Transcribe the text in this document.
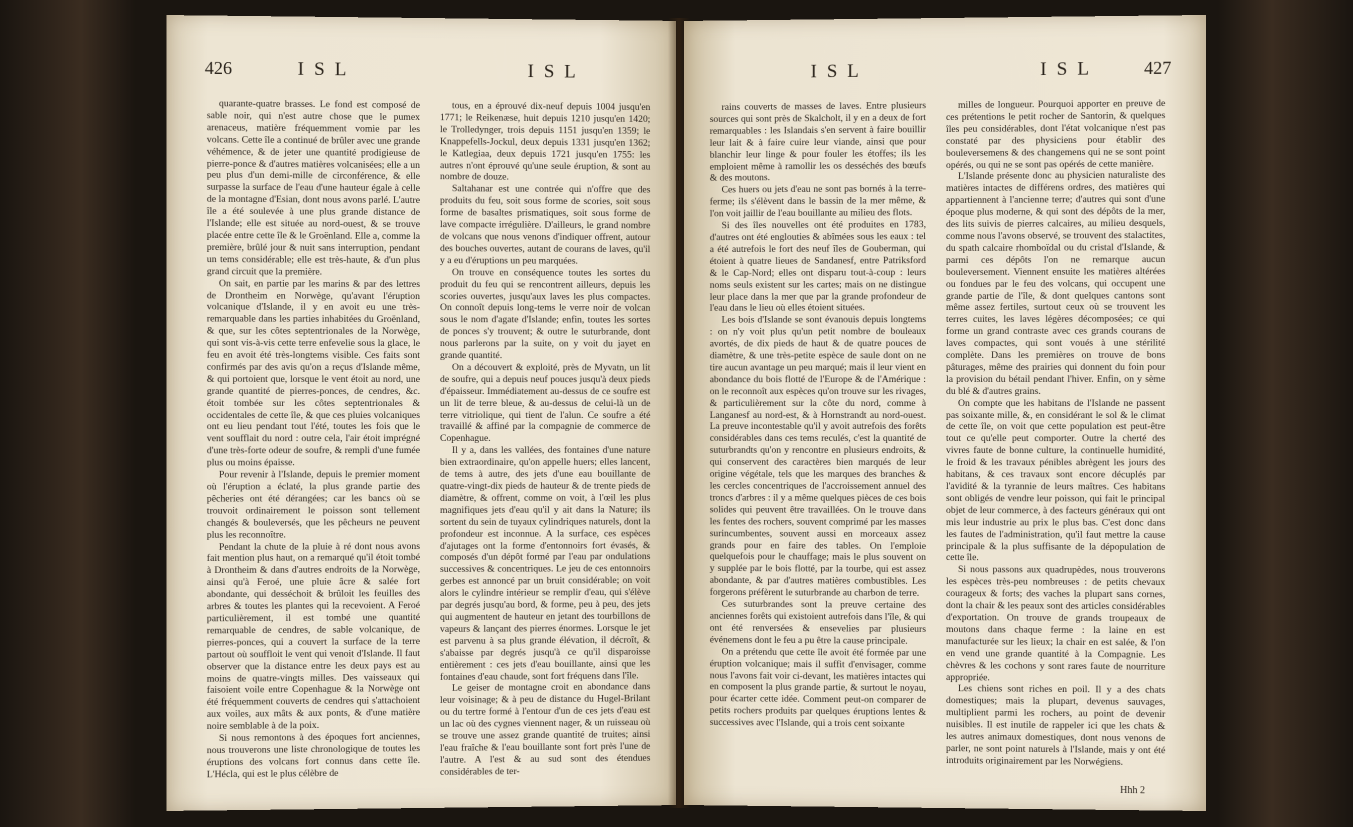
426	ISL	ISL

quarante-quatre brasses. Le fond est composé de sable noir, qui n'est autre chose que le pumex arenaceus, matière fréquemment vomie par les volcans. Cette île a continué de brûler avec une grande véhémence, & de jeter une quantité prodigieuse de pierre-ponce & d'autres matières volcanisées; elle a un peu plus d'un demi-mille de circonférence, & elle surpasse la surface de l'eau d'une hauteur égale à celle de la montagne d'Esian, dont nous avons parlé. L'autre île a été soulevée à une plus grande distance de l'Islande; elle est située au nord-ouest, & se trouve placée entre cette île & le Groënland. Elle a, comme la première, brûlé jour & nuit sans interruption, pendant un tems considérable; elle est très-haute, & d'un plus grand circuit que la première.

On sait, en partie par les marins & par des lettres de Drontheim en Norwège, qu'avant l'éruption volcanique d'Islande, il y en avoit eu une très-remarquable dans les parties inhabitées du Groënland, & que, sur les côtes septentrionales de la Norwège, qui sont vis-à-vis cette terre enfevelie sous la glace, le feu en avoit été très-longtems visible. Ces faits sont confirmés par des avis qu'on a reçus d'Islande même, & qui portoient que, lorsque le vent étoit au nord, une grande quantité de pierres-ponces, de cendres, &c. étoit tombée sur les côtes septentrionales & occidentales de cette île, & que ces pluies volcaniques ont eu lieu pendant tout l'été, toutes les fois que le vent soufflait du nord : outre cela, l'air étoit imprégné d'une très-forte odeur de soufre, & rempli d'une fumée plus ou moins épaisse.

Pour revenir à l'Islande, depuis le premier moment où l'éruption a éclaté, la plus grande partie des pêcheries ont été dérangées; car les bancs où se trouvoit ordinairement le poisson sont tellement changés & bouleversés, que les pêcheurs ne peuvent plus les reconnoître.

Pendant la chute de la pluie à ré dont nous avons fait mention plus haut, on a remarqué qu'il étoit tombé à Drontheim & dans d'autres endroits de la Norwège, ainsi qu'à Feroé, une pluie âcre & salée fort abondante, qui desséchoit & brûloit les feuilles des arbres & toutes les plantes qui la recevoient. A Feroé particulièrement, il est tombé une quantité remarquable de cendres, de sable volcanique, de pierres-ponces, qui a couvert la surface de la terre partout où souffloit le vent qui venoit d'Islande. Il faut observer que la distance entre les deux pays est au moins de quatre-vingts milles. Des vaisseaux qui faisoient voile entre Copenhague & la Norwège ont été fréquemment couverts de cendres qui s'attachoient aux voiles, aux mâts & aux ponts, & d'une matière noire semblable à de la poix.

Si nous remontons à des époques fort anciennes, nous trouverons une liste chronologique de toutes les éruptions des volcans fort connus dans cette île. L'Hécla, qui est le plus célèbre de

tous, en a éprouvé dix-neuf depuis 1004 jusqu'en 1771; le Reikenæse, huit depuis 1210 jusqu'en 1420; le Trolledynger, trois depuis 1151 jusqu'en 1359; le Knappefells-Jockul, deux depuis 1331 jusqu'en 1362; le Katlegiaa, deux depuis 1721 jusqu'en 1755: les autres n'ont éprouvé qu'une seule éruption, & sont au nombre de douze.

Saltahanar est une contrée qui n'offre que des produits du feu, soit sous forme de scories, soit sous forme de basaltes prismatiques, soit sous forme de lave compacte irrégulière. D'ailleurs, le grand nombre de volcans que nous venons d'indiquer offrent, autour des bouches ouvertes, autant de courans de laves, qu'il y a eu d'éruptions un peu marquées.

On trouve en conséquence toutes les sortes du produit du feu qui se rencontrent ailleurs, depuis les scories ouvertes, jusqu'aux laves les plus compactes. On connoît depuis long-tems le verre noir de volcan sous le nom d'agate d'Islande; enfin, toutes les sortes de ponces s'y trouvent; & outre le suturbrande, dont nous parlerons par la suite, on y voit du jayet en grande quantité.

On a découvert & exploité, près de Myvatn, un lit de soufre, qui a depuis neuf pouces jusqu'à deux pieds d'épaisseur. Immédiatement au-dessus de ce soufre est un lit de terre bleue, & au-dessus de celui-là un de terre vitriolique, qui tient de l'alun. Ce soufre a été travaillé & affiné par la compagnie de commerce de Copenhague.

Il y a, dans les vallées, des fontaines d'une nature bien extraordinaire, qu'on appelle huers; elles lancent, de tems à autre, des jets d'une eau bouillante de quatre-vingt-dix pieds de hauteur & de trente pieds de diamètre, & offrent, comme on voit, à l'œil les plus magnifiques jets d'eau qu'il y ait dans la Nature; ils sortent du sein de tuyaux cylindriques naturels, dont la profondeur est inconnue. A la surface, ces espèces d'ajutages ont la forme d'entonnoirs fort évasés, & composés d'un dépôt formé par l'eau par ondulations successives & concentriques. Le jeu de ces entonnoirs gerbes est annoncé par un bruit considérable; on voit alors le cylindre intérieur se remplir d'eau, qui s'élève par degrés jusqu'au bord, & forme, peu à peu, des jets qui augmentent de hauteur en jetant des tourbillons de vapeurs & lançant des pierres énormes. Lorsque le jet est parvenu à sa plus grande élévation, il décroît, & s'abaisse par degrés jusqu'à ce qu'il disparoisse entièrement : ces jets d'eau bouillante, ainsi que les fontaines d'eau chaude, sont fort fréquens dans l'île.

Le geiser de montagne croit en abondance dans leur voisinage; & à peu de distance du Hugel-Brilant ou du tertre formé à l'entour d'un de ces jets d'eau est un lac où des cygnes viennent nager, & un ruisseau où se trouve une assez grande quantité de truites; ainsi l'eau fraîche & l'eau bouillante sont fort près l'une de l'autre. A l'est & au sud sont des étendues considérables de ter-

ISL	ISL 427

rains couverts de masses de laves. Entre plusieurs sources qui sont près de Skalcholt, il y en a deux de fort remarquables : les Islandais s'en servent à faire bouillir leur lait & à faire cuire leur viande, ainsi que pour blanchir leur linge & pour fouler les étoffes; ils les emploient même à ramollir les os desséchés des bœufs & des moutons.

Ces huers ou jets d'eau ne sont pas bornés à la terre-ferme; ils s'élèvent dans le bassin de la mer même, & l'on voit jaillir de l'eau bouillante au milieu des flots.

Si des îles nouvelles ont été produites en 1783, d'autres ont été englouties & abîmées sous les eaux : tel a été autrefois le fort des neuf îles de Gouberman, qui étoient à quatre lieues de Sandanesf, entre Patriksford & le Cap-Nord; elles ont disparu tout-à-coup : leurs noms seuls existent sur les cartes; mais on ne distingue leur place dans la mer que par la grande profondeur de l'eau dans le lieu où elles étoient situées.

Les bois d'Islande se sont évanouis depuis longtems : on n'y voit plus qu'un petit nombre de bouleaux avortés, de dix pieds de haut & de quatre pouces de diamètre, & une très-petite espèce de saule dont on ne tire aucun avantage un peu marqué; mais il leur vient en abondance du bois flotté de l'Europe & de l'Amérique : on le reconnoît aux espèces qu'on trouve sur les rivages, & particulièrement sur la côte du nord, comme à Langanesf au nord-est, & à Hornstrandt au nord-ouest. La preuve incontestable qu'il y avoit autrefois des forêts considérables dans ces tems reculés, c'est la quantité de suturbrandts qu'on y rencontre en plusieurs endroits, & qui conservent des caractères bien marqués de leur origine végétale, tels que les marques des branches & les cercles concentriques de l'accroissement annuel des troncs d'arbres : il y a même quelques pièces de ces bois solides qui peuvent être travaillées. On le trouve dans les fentes des rochers, souvent comprimé par les masses surincumbentes, souvent aussi en morceaux assez grands pour en faire des tables. On l'emploie quelquefois pour le chauffage; mais le plus souvent on y supplée par le bois flotté, par la tourbe, qui est assez abondante, & par d'autres matières combustibles. Les forgerons préfèrent le suturbrande au charbon de terre.

Ces suturbrandes sont la preuve certaine des anciennes forêts qui existoient autrefois dans l'île, & qui ont été renversées & ensevelies par plusieurs événemens dont le feu a pu être la cause principale.

On a prétendu que cette île avoit été formée par une éruption volcanique; mais il suffit d'envisager, comme nous l'avons fait voir ci-devant, les matières intactes qui en composent la plus grande partie, & surtout le noyau, pour écarter cette idée. Comment peut-on comparer de petits rochers produits par quelques éruptions lentes & successives avec l'Islande, qui a trois cent soixante

milles de longueur. Pourquoi apporter en preuve de ces prétentions le petit rocher de Santorin, & quelques îles peu considérables, dont l'état volcanique n'est pas constaté par des physiciens pour établir des bouleversemens & des changemens qui ne se sont point opérés, ou qui ne se sont pas opérés de cette manière.

L'Islande présente donc au physicien naturaliste des matières intactes de différens ordres, des matières qui appartiennent à l'ancienne terre; d'autres qui sont d'une époque plus moderne, & qui sont des dépôts de la mer, des lits suivis de pierres calcaires, au milieu desquels, comme nous l'avons observé, se trouvent des stalactites, du spath calcaire rhomboïdal ou du cristal d'Islande, & parmi ces dépôts l'on ne remarque aucun bouleversement. Viennent ensuite les matières altérées ou fondues par le feu des volcans, qui occupent une grande partie de l'île, & dont quelques cantons sont même assez fertiles, surtout ceux où se trouvent les terres cuites, les laves légères décomposées; ce qui forme un grand contraste avec ces grands courans de laves compactes, qui sont voués à une stérilité complète. Dans les premières on trouve de bons pâturages, même des prairies qui donnent du foin pour la provision du bétail pendant l'hiver. Enfin, on y sème du blé & d'autres grains.

On compte que les habitans de l'Islande ne passent pas soixante mille, &, en considérant le sol & le climat de cette île, on voit que cette population est peut-être tout ce qu'elle peut comporter. Outre la cherté des vivres faute de bonne culture, la continuelle humidité, le froid & les travaux pénibles abrègent les jours des habitans, & ces travaux sont encore décuplés par l'avidité & la tyrannie de leurs maîtres. Ces habitans sont obligés de vendre leur poisson, qui fait le principal objet de leur commerce, à des facteurs généraux qui ont mis leur industrie au prix le plus bas. C'est donc dans les fautes de l'administration, qu'il faut mettre la cause principale & la plus suffisante de la dépopulation de cette île.

Si nous passons aux quadrupèdes, nous trouverons les espèces très-peu nombreuses : de petits chevaux courageux & forts; des vaches la plupart sans cornes, dont la chair & les peaux sont des articles considérables d'exportation. On trouve de grands troupeaux de moutons dans chaque ferme : la laine en est manufacturée sur les lieux; la chair en est salée, & l'on en vend une grande quantité à la Compagnie. Les chèvres & les cochons y sont rares faute de nourriture appropriée.

Les chiens sont riches en poil. Il y a des chats domestiques; mais la plupart, devenus sauvages, multiplient parmi les rochers, au point de devenir nuisibles. Il est inutile de rappeler ici que les chats & les autres animaux domestiques, dont nous venons de parler, ne sont point naturels à l'Islande, mais y ont été introduits originairement par les Norwégiens.

Hhh 2
